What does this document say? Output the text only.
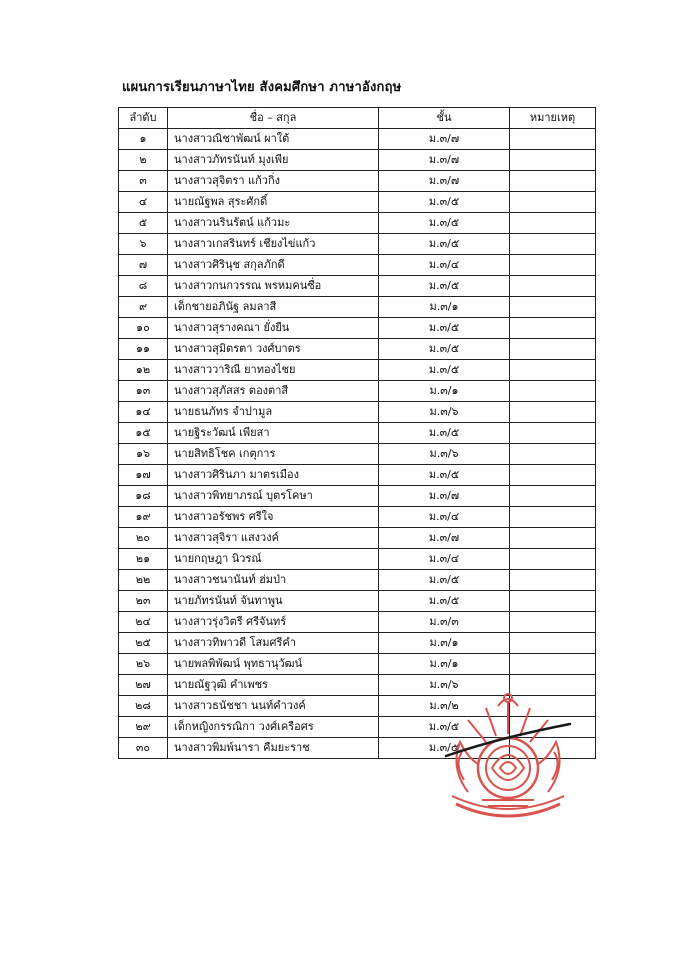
แผนการเรียนภาษาไทย สังคมศึกษา ภาษาอังกฤษ
ลำดับ	ชื่อ – สกุล	ชั้น	หมายเหตุ
๑	นางสาวณิชาพัฒน์ ผาใต้	ม.๓/๗	
๒	นางสาวภัทรนันท์ มุงเพีย	ม.๓/๗	
๓	นางสาวสุจิตรา แก้วกิ่ง	ม.๓/๗	
๔	นายณัฐพล สุระศักดิ์	ม.๓/๕	
๕	นางสาวนรินรัตน์ แก้วมะ	ม.๓/๕	
๖	นางสาวเกสรินทร์ เชียงไข่แก้ว	ม.๓/๕	
๗	นางสาวศิรินุช สกุลภักดี	ม.๓/๔	
๘	นางสาวกนกวรรณ พรหมคนซื่อ	ม.๓/๕	
๙	เด็กชายอภินัฐ ลมลาสี	ม.๓/๑	
๑๐	นางสาวสุรางคณา ยั่งยืน	ม.๓/๕	
๑๑	นางสาวสุมิตรตา วงศ์บาตร	ม.๓/๕	
๑๒	นางสาววาริณี ยาทองไชย	ม.๓/๕	
๑๓	นางสาวสุภัสสร ตองตาสี	ม.๓/๑	
๑๔	นายธนภัทร จำปามูล	ม.๓/๖	
๑๕	นายฐิระวัฒน์ เพียสา	ม.๓/๕	
๑๖	นายสิทธิโชค เกตุการ	ม.๓/๖	
๑๗	นางสาวศิรินภา มาตรเมือง	ม.๓/๕	
๑๘	นางสาวพิทยาภรณ์ บุตรโคษา	ม.๓/๗	
๑๙	นางสาวอรัชพร ศรีใจ	ม.๓/๔	
๒๐	นางสาวสุจิรา แสงวงค์	ม.๓/๗	
๒๑	นายกฤษฎา นิวรณ์	ม.๓/๔	
๒๒	นางสาวชนานันท์ ฮ่มป่า	ม.๓/๕	
๒๓	นายภัทรนันท์ จันทาพูน	ม.๓/๕	
๒๔	นางสาวรุ่งวิตรี ศรีจันทร์	ม.๓/๓	
๒๕	นางสาวทิพาวดี โสมศรีคำ	ม.๓/๑	
๒๖	นายพลพิพัฒน์ พุทธานุวัฒน์	ม.๓/๑	
๒๗	นายณัฐวุฒิ คำเพชร	ม.๓/๖	
๒๘	นางสาวธนัชชา นนท์คำวงค์	ม.๓/๒	
๒๙	เด็กหญิงกรรณิกา วงศ์เครือศร	ม.๓/๕	
๓๐	นางสาวพิมพ์นารา คืมยะราช	ม.๓/๕	
